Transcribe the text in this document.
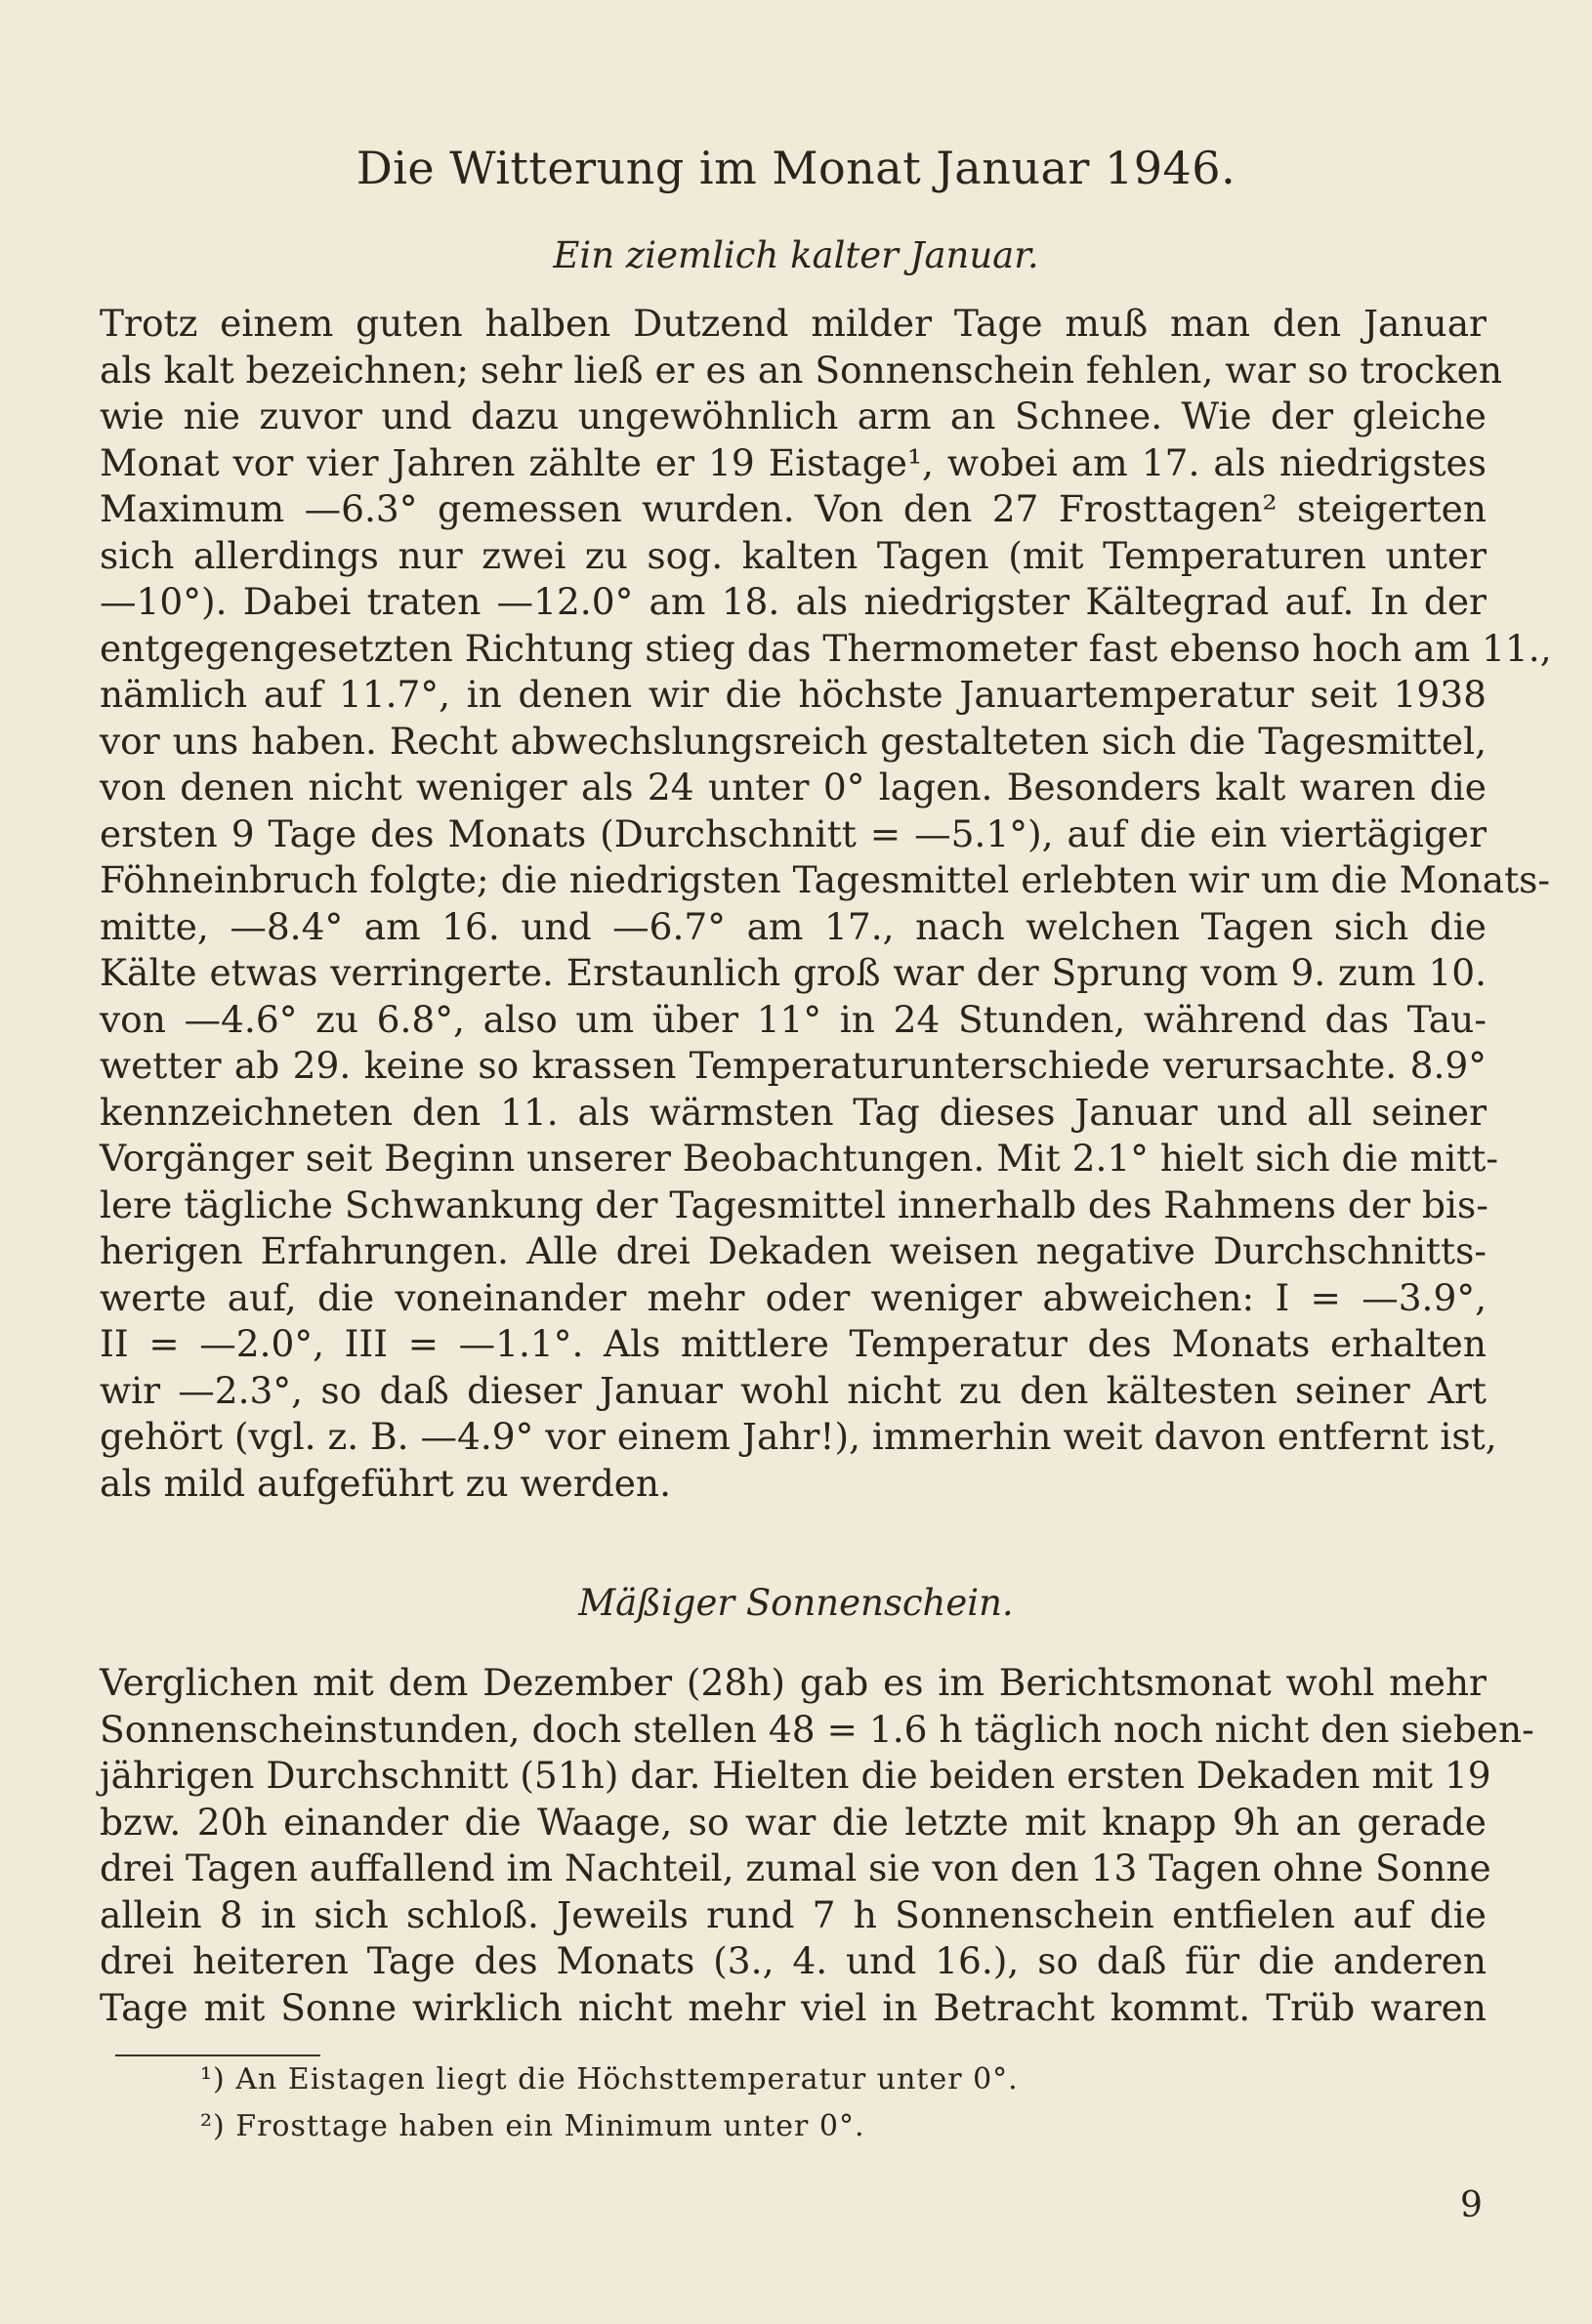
Die Witterung im Monat Januar 1946.
Ein ziemlich kalter Januar.
Trotz einem guten halben Dutzend milder Tage muß man den Januar
als kalt bezeichnen; sehr ließ er es an Sonnenschein fehlen, war so trocken
wie nie zuvor und dazu ungewöhnlich arm an Schnee. Wie der gleiche
Monat vor vier Jahren zählte er 19 Eistage¹, wobei am 17. als niedrigstes
Maximum —6.3° gemessen wurden. Von den 27 Frosttagen² steigerten
sich allerdings nur zwei zu sog. kalten Tagen (mit Temperaturen unter
—10°). Dabei traten —12.0° am 18. als niedrigster Kältegrad auf. In der
entgegengesetzten Richtung stieg das Thermometer fast ebenso hoch am 11.,
nämlich auf 11.7°, in denen wir die höchste Januartemperatur seit 1938
vor uns haben. Recht abwechslungsreich gestalteten sich die Tagesmittel,
von denen nicht weniger als 24 unter 0° lagen. Besonders kalt waren die
ersten 9 Tage des Monats (Durchschnitt = —5.1°), auf die ein viertägiger
Föhneinbruch folgte; die niedrigsten Tagesmittel erlebten wir um die Monats-
mitte, —8.4° am 16. und —6.7° am 17., nach welchen Tagen sich die
Kälte etwas verringerte. Erstaunlich groß war der Sprung vom 9. zum 10.
von —4.6° zu 6.8°, also um über 11° in 24 Stunden, während das Tau-
wetter ab 29. keine so krassen Temperaturunterschiede verursachte. 8.9°
kennzeichneten den 11. als wärmsten Tag dieses Januar und all seiner
Vorgänger seit Beginn unserer Beobachtungen. Mit 2.1° hielt sich die mitt-
lere tägliche Schwankung der Tagesmittel innerhalb des Rahmens der bis-
herigen Erfahrungen. Alle drei Dekaden weisen negative Durchschnitts-
werte auf, die voneinander mehr oder weniger abweichen: I = —3.9°,
II = —2.0°, III = —1.1°. Als mittlere Temperatur des Monats erhalten
wir —2.3°, so daß dieser Januar wohl nicht zu den kältesten seiner Art
gehört (vgl. z. B. —4.9° vor einem Jahr!), immerhin weit davon entfernt ist,
als mild aufgeführt zu werden.
Mäßiger Sonnenschein.
Verglichen mit dem Dezember (28h) gab es im Berichtsmonat wohl mehr
Sonnenscheinstunden, doch stellen 48 = 1.6 h täglich noch nicht den sieben-
jährigen Durchschnitt (51h) dar. Hielten die beiden ersten Dekaden mit 19
bzw. 20h einander die Waage, so war die letzte mit knapp 9h an gerade
drei Tagen auffallend im Nachteil, zumal sie von den 13 Tagen ohne Sonne
allein 8 in sich schloß. Jeweils rund 7 h Sonnenschein entfielen auf die
drei heiteren Tage des Monats (3., 4. und 16.), so daß für die anderen
Tage mit Sonne wirklich nicht mehr viel in Betracht kommt. Trüb waren
¹) An Eistagen liegt die Höchsttemperatur unter 0°.
²) Frosttage haben ein Minimum unter 0°.
9
